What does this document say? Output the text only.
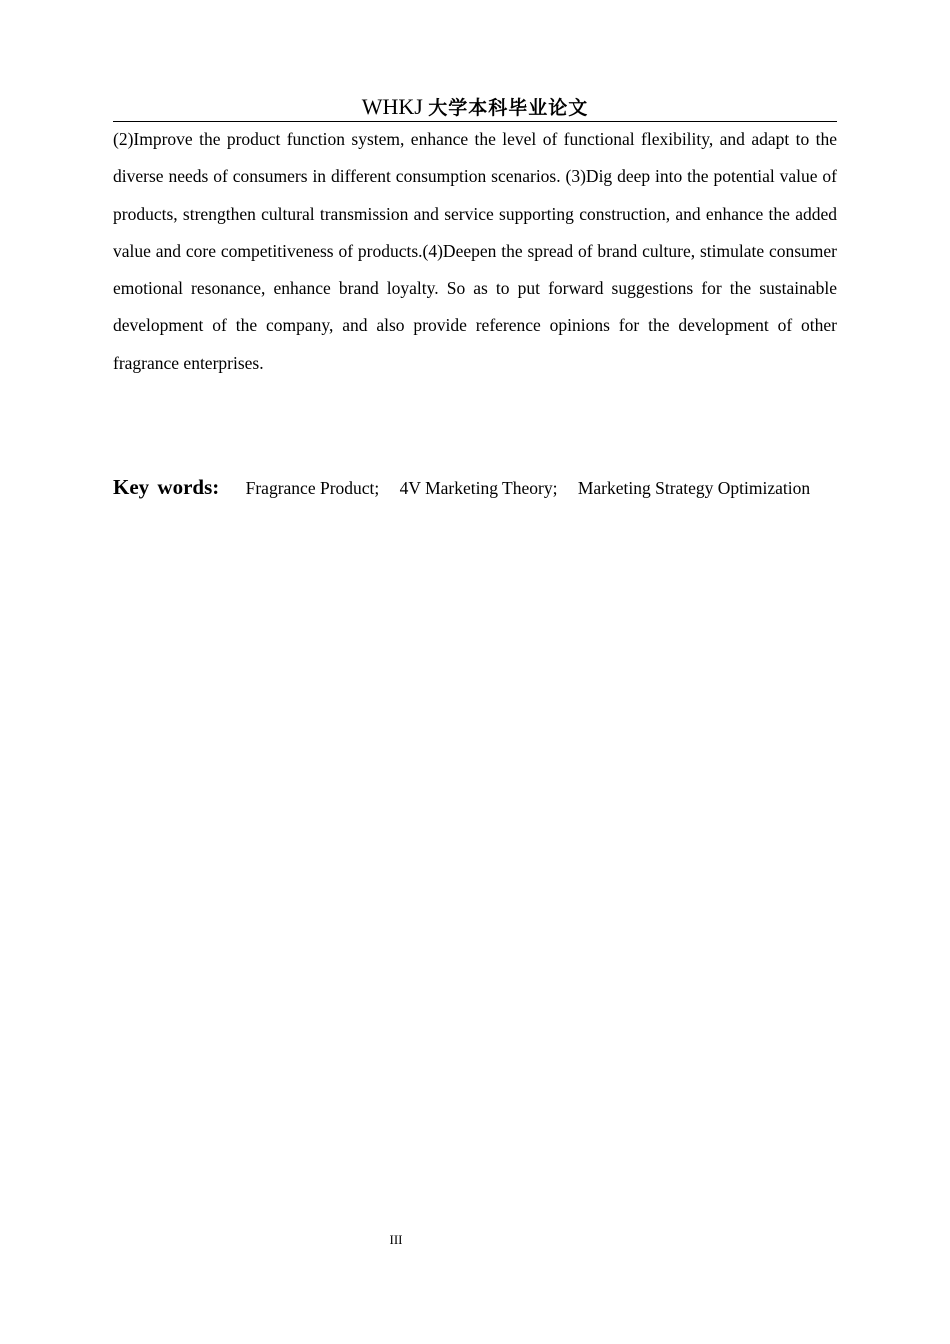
WHKJ 大学本科毕业论文

(2)Improve the product function system, enhance the level of functional flexibility, and adapt to the diverse needs of consumers in different consumption scenarios. (3)Dig deep into the potential value of products, strengthen cultural transmission and service supporting construction, and enhance the added value and core competitiveness of products.(4)Deepen the spread of brand culture, stimulate consumer emotional resonance, enhance brand loyalty. So as to put forward suggestions for the sustainable development of the company, and also provide reference opinions for the development of other fragrance enterprises.

Key words: Fragrance Product; 4V Marketing Theory; Marketing Strategy Optimization

III
